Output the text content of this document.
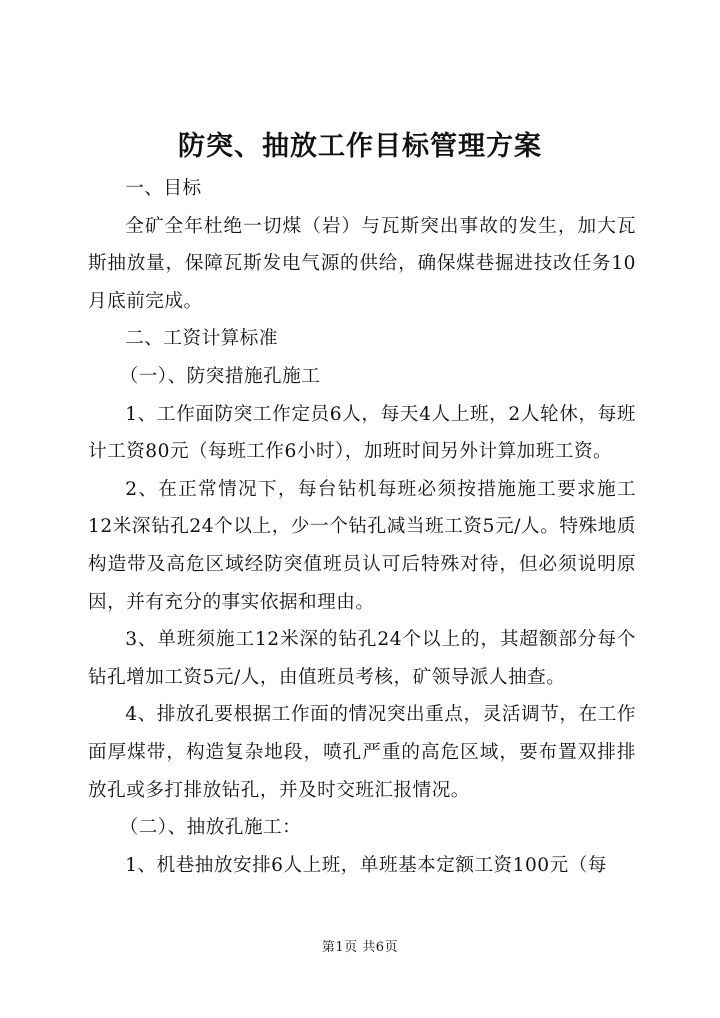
防突、抽放工作目标管理方案

一、目标

全矿全年杜绝一切煤（岩）与瓦斯突出事故的发生，加大瓦斯抽放量，保障瓦斯发电气源的供给，确保煤巷掘进技改任务10月底前完成。

二、工资计算标准

（一）、防突措施孔施工

1、工作面防突工作定员6人，每天4人上班，2人轮休，每班计工资80元（每班工作6小时），加班时间另外计算加班工资。

2、在正常情况下，每台钻机每班必须按措施施工要求施工12米深钻孔24个以上，少一个钻孔减当班工资5元/人。特殊地质构造带及高危区域经防突值班员认可后特殊对待，但必须说明原因，并有充分的事实依据和理由。

3、单班须施工12米深的钻孔24个以上的，其超额部分每个钻孔增加工资5元/人，由值班员考核，矿领导派人抽查。

4、排放孔要根据工作面的情况突出重点，灵活调节，在工作面厚煤带，构造复杂地段，喷孔严重的高危区域，要布置双排排放孔或多打排放钻孔，并及时交班汇报情况。

（二）、抽放孔施工：

1、机巷抽放安排6人上班，单班基本定额工资100元（每

第1页 共6页
